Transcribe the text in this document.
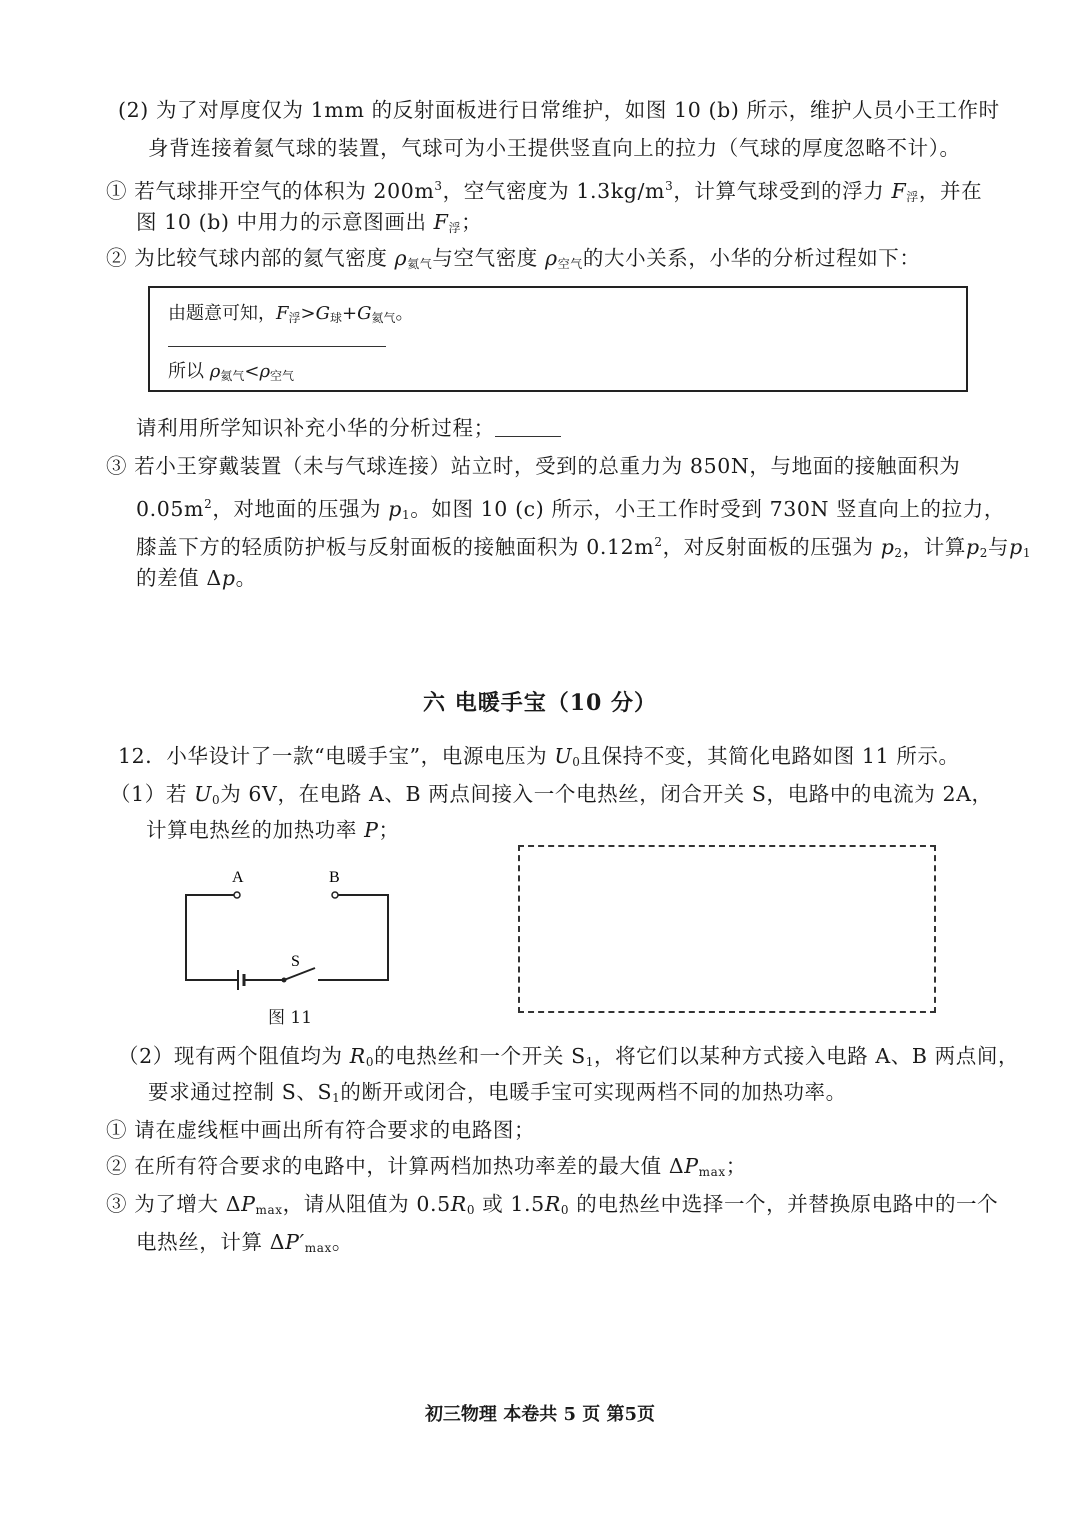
(2) 为了对厚度仅为 1mm 的反射面板进行日常维护，如图 10 (b) 所示，维护人员小王工作时
身背连接着氦气球的装置，气球可为小王提供竖直向上的拉力（气球的厚度忽略不计）。
① 若气球排开空气的体积为 $200m^3$，空气密度为 $1.3kg/m^3$，计算气球受到的浮力 $F_浮$，并在
图 10 (b) 中用力的示意图画出 $F_浮$；
② 为比较气球内部的氦气密度 $\rho_{氦气}$与空气密度 $\rho_{空气}$的大小关系，小华的分析过程如下：
由题意可知，$F_浮>G_球+G_{氦气}$。
所以 $\rho_{氦气}<\rho_{空气}$
请利用所学知识补充小华的分析过程；
③ 若小王穿戴装置（未与气球连接）站立时，受到的总重力为 850N，与地面的接触面积为
$0.05m^2$，对地面的压强为 $p_1$。如图 10 (c) 所示，小王工作时受到 730N 竖直向上的拉力，
膝盖下方的轻质防护板与反射面板的接触面积为 $0.12m^2$，对反射面板的压强为 $p_2$，计算$p_2$与$p_1$
的差值 Δp。
六 电暖手宝（10 分）
12．小华设计了一款“电暖手宝”，电源电压为 $U_0$且保持不变，其简化电路如图 11 所示。
（1）若 $U_0$为 6V，在电路 A、B 两点间接入一个电热丝，闭合开关 S，电路中的电流为 2A，
计算电热丝的加热功率 P；
A	B
S
图 11
（2）现有两个阻值均为 $R_0$的电热丝和一个开关 $S_1$，将它们以某种方式接入电路 A、B 两点间，
要求通过控制 S、$S_1$的断开或闭合，电暖手宝可实现两档不同的加热功率。
① 请在虚线框中画出所有符合要求的电路图；
② 在所有符合要求的电路中，计算两档加热功率差的最大值 $\Delta P_{max}$；
③ 为了增大 $\Delta P_{max}$，请从阻值为 $0.5R_0$ 或 $1.5R_0$ 的电热丝中选择一个，并替换原电路中的一个
电热丝，计算 $\Delta P'_{max}$。
初三物理 本卷共 5 页 第5页
